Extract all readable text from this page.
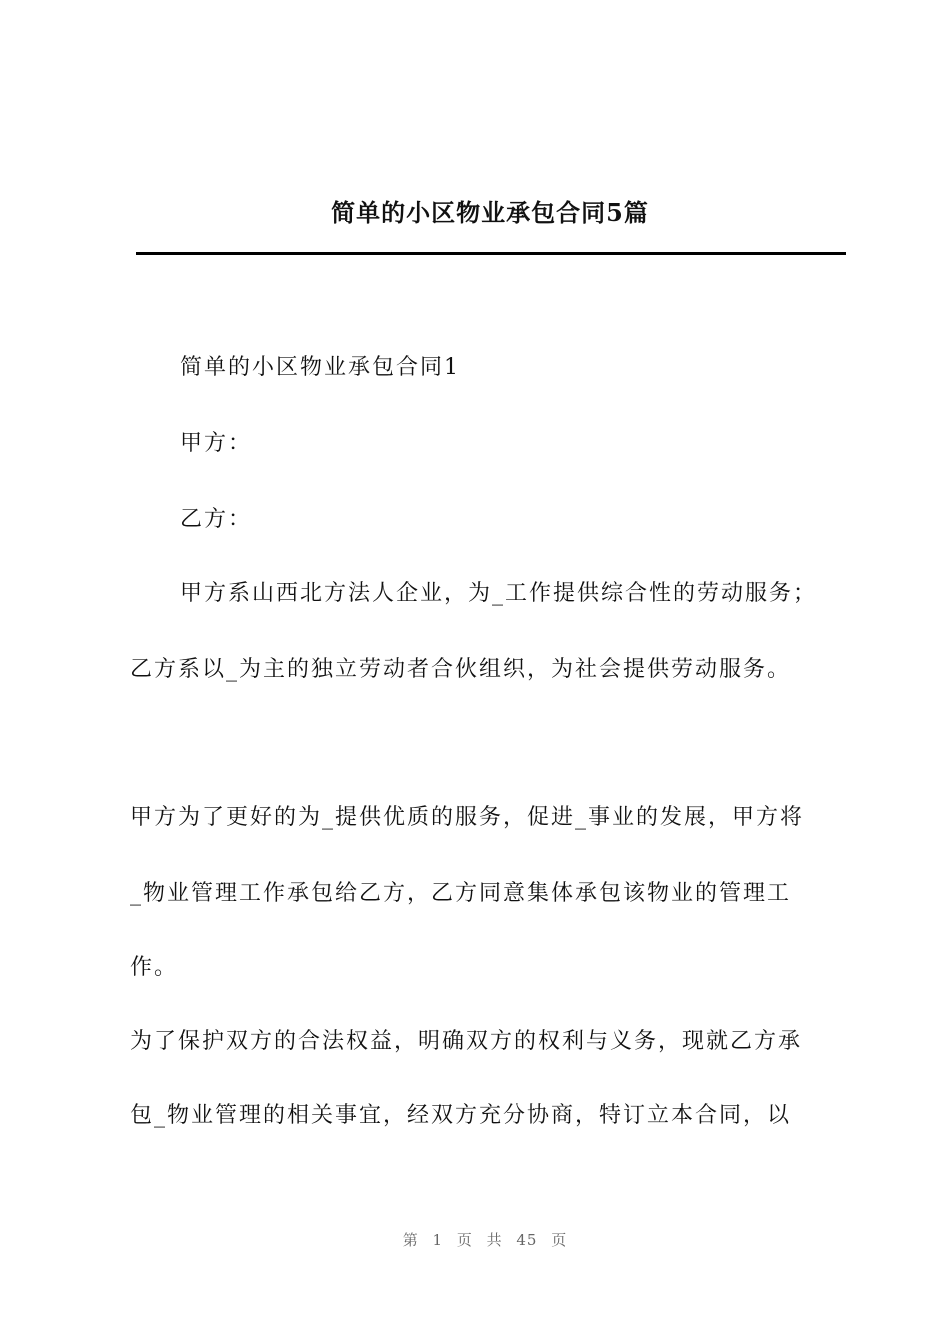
简单的小区物业承包合同5篇
简单的小区物业承包合同1
甲方：
乙方：
甲方系山西北方法人企业，为_工作提供综合性的劳动服务；
乙方系以_为主的独立劳动者合伙组织，为社会提供劳动服务。
甲方为了更好的为_提供优质的服务，促进_事业的发展，甲方将
_物业管理工作承包给乙方，乙方同意集体承包该物业的管理工
作。
为了保护双方的合法权益，明确双方的权利与义务，现就乙方承
包_物业管理的相关事宜，经双方充分协商，特订立本合同，以
第 1 页 共 45 页
